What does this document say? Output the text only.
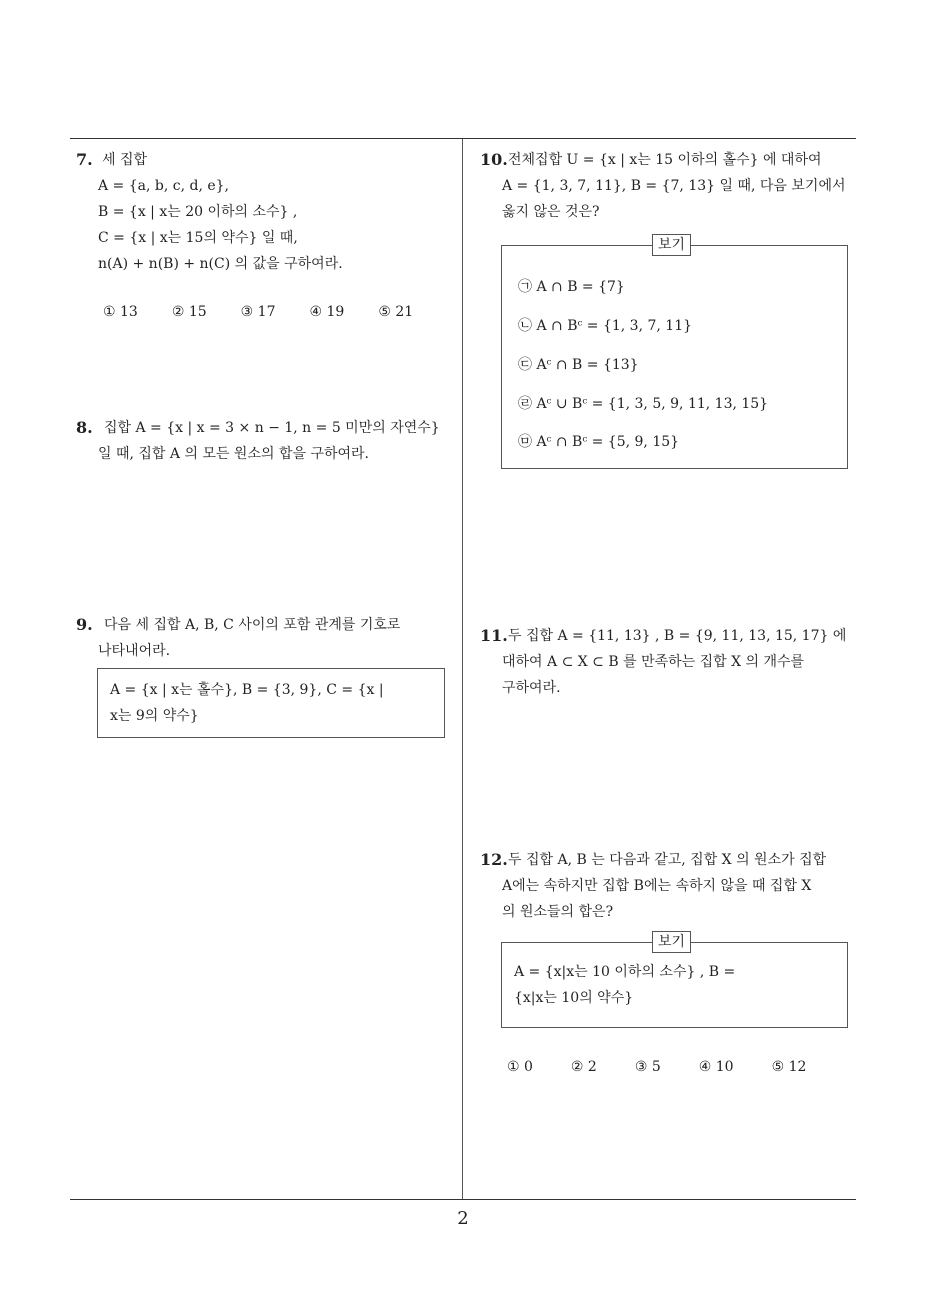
7. 세 집합
A = {a, b, c, d, e},
B = {x | x는 20 이하의 소수} ,
C = {x | x는 15의 약수} 일 때,
n(A) + n(B) + n(C) 의 값을 구하여라.
① 13 ② 15 ③ 17 ④ 19 ⑤ 21
8. 집합 A = {x | x = 3 × n − 1, n = 5 미만의 자연수}
일 때, 집합 A 의 모든 원소의 합을 구하여라.
9. 다음 세 집합 A, B, C 사이의 포함 관계를 기호로
나타내어라.
A = {x | x는 홀수}, B = {3, 9}, C = {x |
x는 9의 약수}
10. 전체집합 U = {x | x는 15 이하의 홀수} 에 대하여
A = {1, 3, 7, 11}, B = {7, 13} 일 때, 다음 보기에서
옳지 않은 것은?
보기
㉠ A ∩ B = {7}
㉡ A ∩ Bᶜ = {1, 3, 7, 11}
㉢ Aᶜ ∩ B = {13}
㉣ Aᶜ ∪ Bᶜ = {1, 3, 5, 9, 11, 13, 15}
㉤ Aᶜ ∩ Bᶜ = {5, 9, 15}
11. 두 집합 A = {11, 13} , B = {9, 11, 13, 15, 17} 에
대하여 A ⊂ X ⊂ B 를 만족하는 집합 X 의 개수를
구하여라.
12. 두 집합 A, B 는 다음과 같고, 집합 X 의 원소가 집합
A에는 속하지만 집합 B에는 속하지 않을 때 집합 X
의 원소들의 합은?
보기
A = {x|x는 10 이하의 소수} , B =
{x|x는 10의 약수}
① 0	② 2	③ 5	④ 10	⑤ 12
2
